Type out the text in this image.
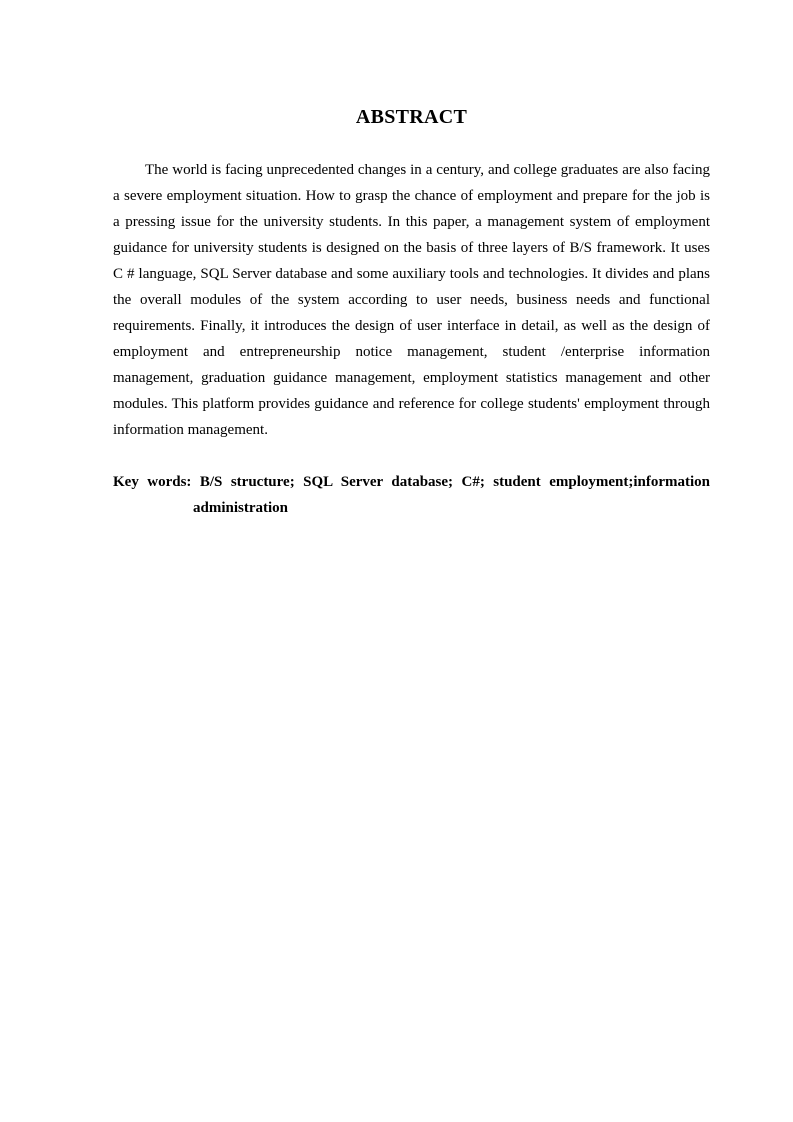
ABSTRACT

The world is facing unprecedented changes in a century, and college graduates are also facing a severe employment situation. How to grasp the chance of employment and prepare for the job is a pressing issue for the university students. In this paper, a management system of employment guidance for university students is designed on the basis of three layers of B/S framework. It uses C # language, SQL Server database and some auxiliary tools and technologies. It divides and plans the overall modules of the system according to user needs, business needs and functional requirements. Finally, it introduces the design of user interface in detail, as well as the design of employment and entrepreneurship notice management, student /enterprise information management, graduation guidance management, employment statistics management and other modules. This platform provides guidance and reference for college students' employment through information management.

Key words: B/S structure; SQL Server database; C#; student employment;information administration
